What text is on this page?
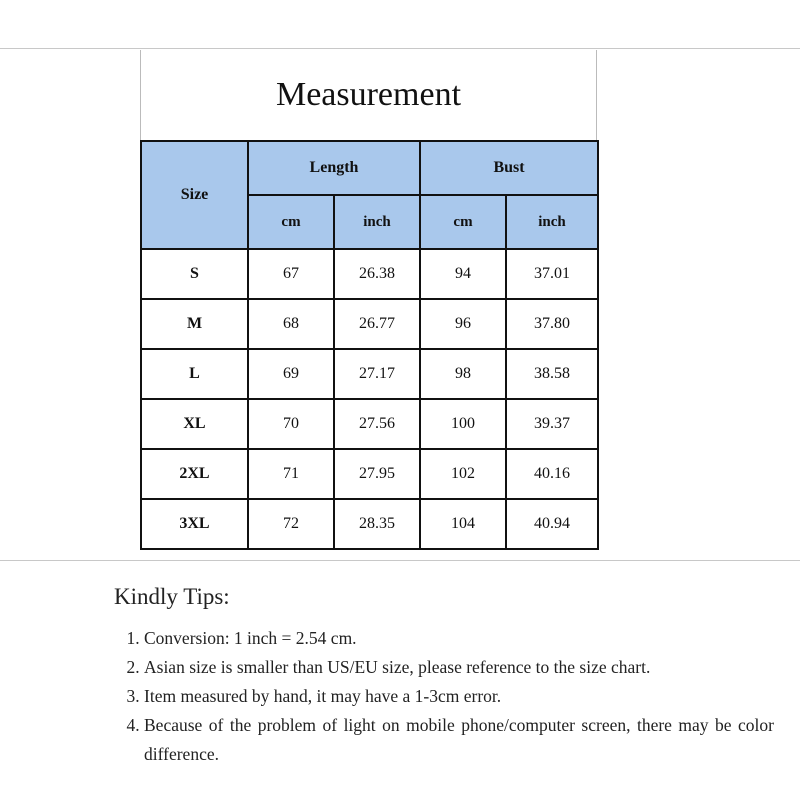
Measurement
Size	Length		Bust	
	cm	inch	cm	inch
S	67	26.38	94	37.01
M	68	26.77	96	37.80
L	69	27.17	98	38.58
XL	70	27.56	100	39.37
2XL	71	27.95	102	40.16
3XL	72	28.35	104	40.94
Kindly Tips:
1. Conversion: 1 inch = 2.54 cm.
2. Asian size is smaller than US/EU size, please reference to the size chart.
3. Item measured by hand, it may have a 1-3cm error.
4. Because of the problem of light on mobile phone/computer screen, there may be color difference.
